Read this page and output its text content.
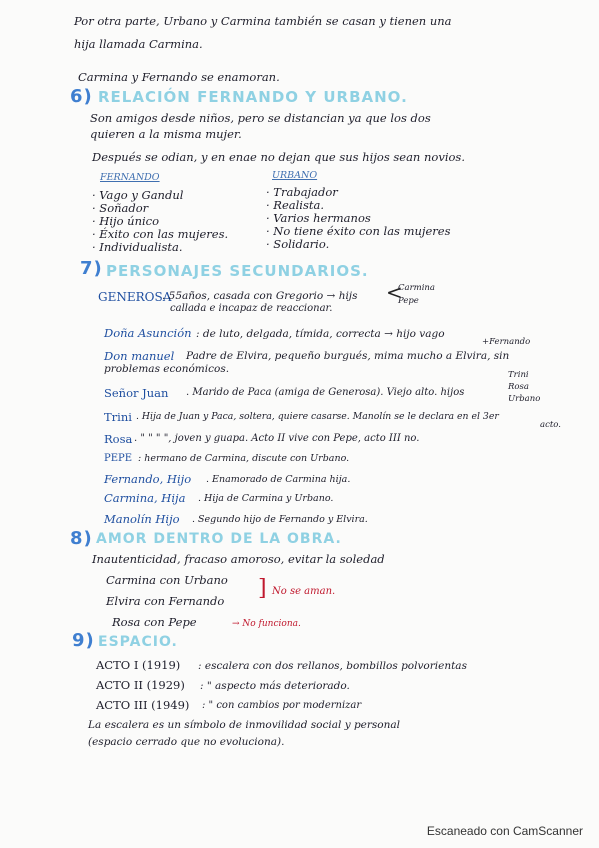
Por otra parte, Urbano y Carmina también se casan y tienen una
hija llamada Carmina.
Carmina y Fernando se enamoran.
6) RELACIÓN FERNANDO Y URBANO.
Son amigos desde niños, pero se distancian ya que los dos
quieren a la misma mujer.
Después se odian, y en enae no dejan que sus hijos sean novios.
FERNANDO	URBANO
· Vago y Gandul
· Soñador
· Hijo único
· Éxito con las mujeres.
· Individualista.
· Trabajador
· Realista.
· Varios hermanos
· No tiene éxito con las mujeres
· Solidario.
7) PERSONAJES SECUNDARIOS.
GENEROSA
. 55años, casada con Gregorio → hijs <
Carmina
Pepe
callada e incapaz de reaccionar.
Doña Asunción : de luto, delgada, tímida, correcta → hijo vago
+Fernando
Don manuel Padre de Elvira, pequeño burgués, mima mucho a Elvira, sin
problemas económicos.
Señor Juan . Marido de Paca (amiga de Generosa). Viejo alto. hijos
Trini
Rosa
Urbano
Trini . Hija de Juan y Paca, soltera, quiere casarse. Manolín se le declara en el 3er
acto.
Rosa . " " " ", joven y guapa. Acto II vive con Pepe, acto III no.
PEPE : hermano de Carmina, discute con Urbano.
Fernando, Hijo . Enamorado de Carmina hija.
Carmina, Hija . Hija de Carmina y Urbano.
Manolín Hijo . Segundo hijo de Fernando y Elvira.
8) AMOR DENTRO DE LA OBRA.
Inautenticidad, fracaso amoroso, evitar la soledad
Carmina con Urbano
Elvira con Fernando
Rosa con Pepe
] No se aman.
→ No funciona.
9) ESPACIO.
ACTO I (1919) : escalera con dos rellanos, bombillos polvorientas
ACTO II (1929) : " aspecto más deteriorado.
ACTO III (1949) : " con cambios por modernizar
La escalera es un símbolo de inmovilidad social y personal
(espacio cerrado que no evoluciona).
Escaneado con CamScanner
